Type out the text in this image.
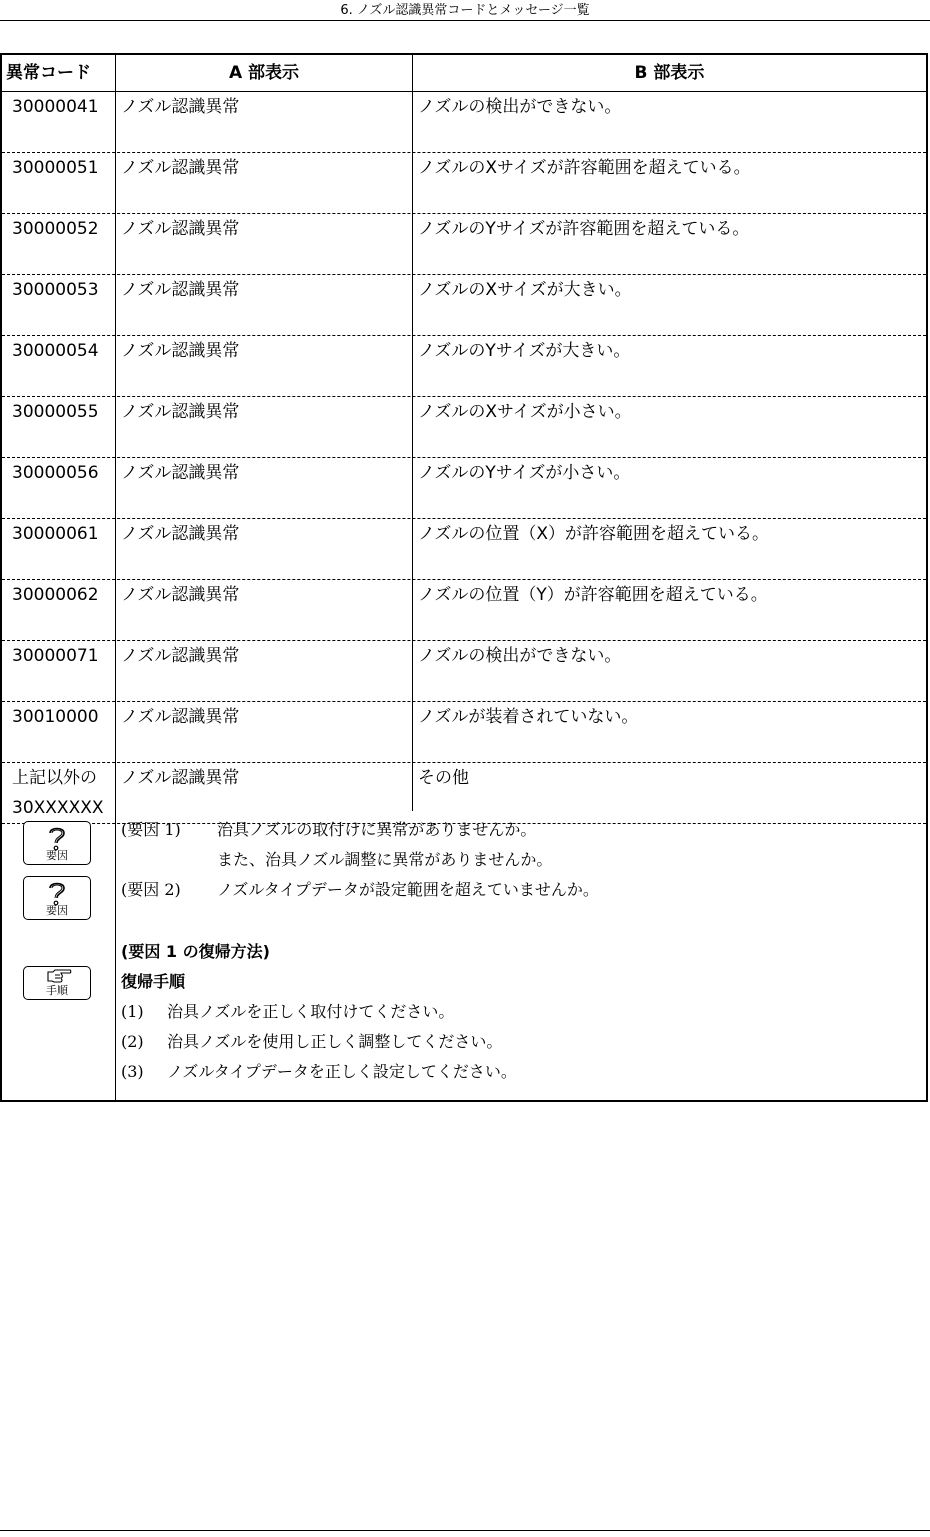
6. ノズル認識異常コードとメッセージ一覧
異常コード	A 部表示	B 部表示
30000041 ノズル認識異常	ノズルの検出ができない。
30000051 ノズル認識異常	ノズルのXサイズが許容範囲を超えている。
30000052 ノズル認識異常	ノズルのYサイズが許容範囲を超えている。
30000053 ノズル認識異常	ノズルのXサイズが大きい。
30000054 ノズル認識異常	ノズルのYサイズが大きい。
30000055 ノズル認識異常	ノズルのXサイズが小さい。
30000056 ノズル認識異常	ノズルのYサイズが小さい。
30000061 ノズル認識異常	ノズルの位置（X）が許容範囲を超えている。
30000062 ノズル認識異常	ノズルの位置（Y）が許容範囲を超えている。
30000071 ノズル認識異常	ノズルの検出ができない。
30010000 ノズル認識異常	ノズルが装着されていない。
上記以外の
30XXXXXX
ノズル認識異常	その他
要因
要因
手順
(要因 1) 治具ノズルの取付けに異常がありませんか。
また、治具ノズル調整に異常がありませんか。
(要因 2) ノズルタイプデータが設定範囲を超えていませんか。
(要因 1 の復帰方法)
復帰手順
(1) 治具ノズルを正しく取付けてください。
(2) 治具ノズルを使用し正しく調整してください。
(3) ノズルタイプデータを正しく設定してください。
